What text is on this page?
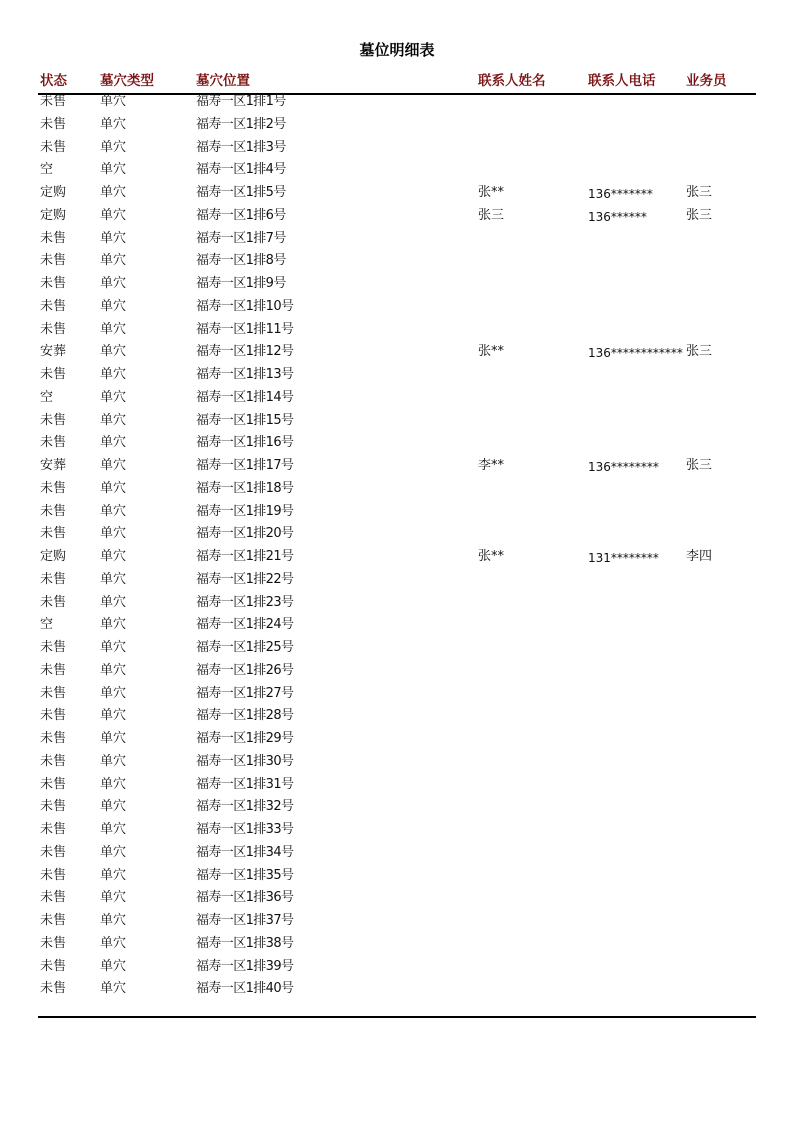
墓位明细表
状态 墓穴类型	墓穴位置	联系人姓名	联系人电话 业务员
未售	单穴	福寿一区1排1号
未售	单穴	福寿一区1排2号
未售	单穴	福寿一区1排3号
空	单穴	福寿一区1排4号
定购	单穴	福寿一区1排5号	张**	136*******	张三
定购	单穴	福寿一区1排6号	张三	136******	张三
未售	单穴	福寿一区1排7号
未售	单穴	福寿一区1排8号
未售	单穴	福寿一区1排9号
未售	单穴	福寿一区1排10号
未售	单穴	福寿一区1排11号
安葬	单穴	福寿一区1排12号	张**	136************ 张三
未售	单穴	福寿一区1排13号
空	单穴	福寿一区1排14号
未售	单穴	福寿一区1排15号
未售	单穴	福寿一区1排16号
安葬	单穴	福寿一区1排17号	李**	136******** 张三
未售	单穴	福寿一区1排18号
未售	单穴	福寿一区1排19号
未售	单穴	福寿一区1排20号
定购	单穴	福寿一区1排21号	张**	131******** 李四
未售	单穴	福寿一区1排22号
未售	单穴	福寿一区1排23号
空	单穴	福寿一区1排24号
未售	单穴	福寿一区1排25号
未售	单穴	福寿一区1排26号
未售	单穴	福寿一区1排27号
未售	单穴	福寿一区1排28号
未售	单穴	福寿一区1排29号
未售	单穴	福寿一区1排30号
未售	单穴	福寿一区1排31号
未售	单穴	福寿一区1排32号
未售	单穴	福寿一区1排33号
未售	单穴	福寿一区1排34号
未售	单穴	福寿一区1排35号
未售	单穴	福寿一区1排36号
未售	单穴	福寿一区1排37号
未售	单穴	福寿一区1排38号
未售	单穴	福寿一区1排39号
未售	单穴	福寿一区1排40号
